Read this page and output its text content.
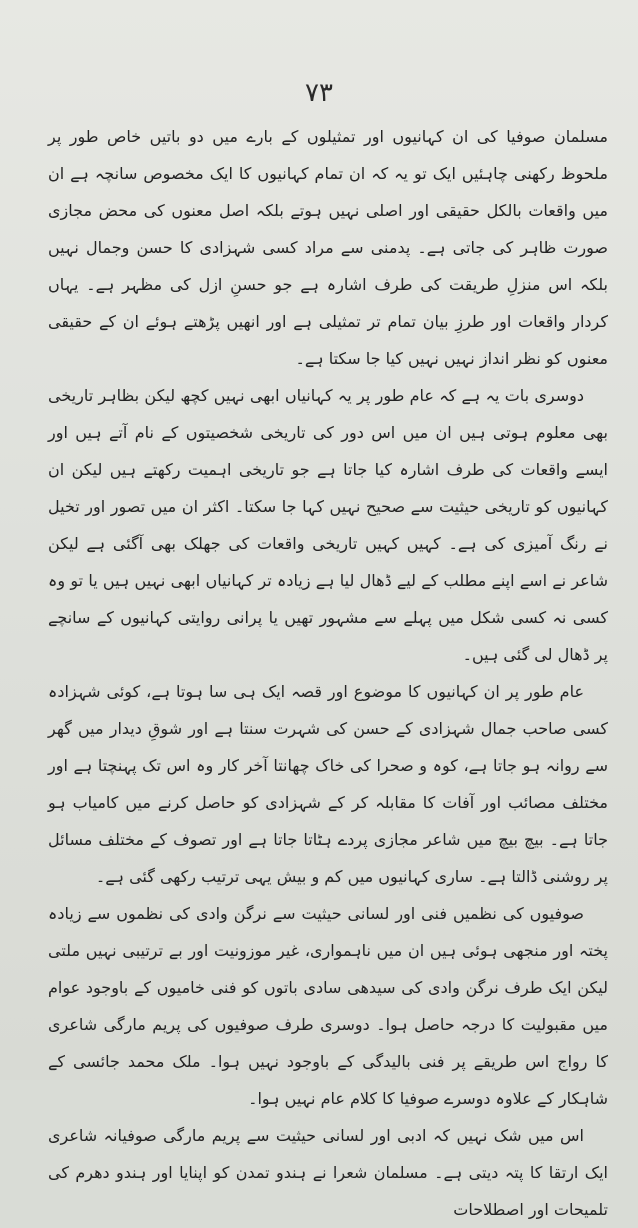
٧٣

مسلمان صوفیا کی ان کہانیوں اور تمثیلوں کے بارے میں دو باتیں خاص طور پر ملحوظ رکھنی چاہئیں ایک تو یہ کہ ان تمام کہانیوں کا ایک مخصوص سانچہ ہے ان میں واقعات بالکل حقیقی اور اصلی نہیں ہوتے بلکہ اصل معنوں کی محض مجازی صورت ظاہر کی جاتی ہے۔ پدمنی سے مراد کسی شہزادی کا حسن وجمال نہیں بلکہ اس منزلِ طریقت کی طرف اشارہ ہے جو حسنِ ازل کی مظہر ہے۔ یہاں کردار واقعات اور طرزِ بیان تمام تر تمثیلی ہے اور انھیں پڑھتے ہوئے ان کے حقیقی معنوں کو نظر انداز نہیں نہیں کیا جا سکتا ہے۔

دوسری بات یہ ہے کہ عام طور پر یہ کہانیاں ابھی نہیں کچھ لیکن بظاہر تاریخی بھی معلوم ہوتی ہیں ان میں اس دور کی تاریخی شخصیتوں کے نام آتے ہیں اور ایسے واقعات کی طرف اشارہ کیا جاتا ہے جو تاریخی اہمیت رکھتے ہیں لیکن ان کہانیوں کو تاریخی حیثیت سے صحیح نہیں کہا جا سکتا۔ اکثر ان میں تصور اور تخیل نے رنگ آمیزی کی ہے۔ کہیں کہیں تاریخی واقعات کی جھلک بھی آگئی ہے لیکن شاعر نے اسے اپنے مطلب کے لیے ڈھال لیا ہے زیادہ تر کہانیاں ابھی نہیں ہیں یا تو وہ کسی نہ کسی شکل میں پہلے سے مشہور تھیں یا پرانی روایتی کہانیوں کے سانچے پر ڈھال لی گئی ہیں۔

عام طور پر ان کہانیوں کا موضوع اور قصہ ایک ہی سا ہوتا ہے، کوئی شہزادہ کسی صاحب جمال شہزادی کے حسن کی شہرت سنتا ہے اور شوقِ دیدار میں گھر سے روانہ ہو جاتا ہے، کوہ و صحرا کی خاک چھانتا آخر کار وہ اس تک پہنچتا ہے اور مختلف مصائب اور آفات کا مقابلہ کر کے شہزادی کو حاصل کرنے میں کامیاب ہو جاتا ہے۔ بیچ بیچ میں شاعر مجازی پردے ہٹاتا جاتا ہے اور تصوف کے مختلف مسائل پر روشنی ڈالتا ہے۔ ساری کہانیوں میں کم و بیش یہی ترتیب رکھی گئی ہے۔

صوفیوں کی نظمیں فنی اور لسانی حیثیت سے نرگن وادی کی نظموں سے زیادہ پختہ اور منجھی ہوئی ہیں ان میں ناہمواری، غیر موزونیت اور بے ترتیبی نہیں ملتی لیکن ایک طرف نرگن وادی کی سیدھی سادی باتوں کو فنی خامیوں کے باوجود عوام میں مقبولیت کا درجہ حاصل ہوا۔ دوسری طرف صوفیوں کی پریم مارگی شاعری کا رواج اس طریقے پر فنی بالیدگی کے باوجود نہیں ہوا۔ ملک محمد جائسی کے شاہکار کے علاوہ دوسرے صوفیا کا کلام عام نہیں ہوا۔

اس میں شک نہیں کہ ادبی اور لسانی حیثیت سے پریم مارگی صوفیانہ شاعری ایک ارتقا کا پتہ دیتی ہے۔ مسلمان شعرا نے ہندو تمدن کو اپنایا اور ہندو دھرم کی تلمیحات اور اصطلاحات
